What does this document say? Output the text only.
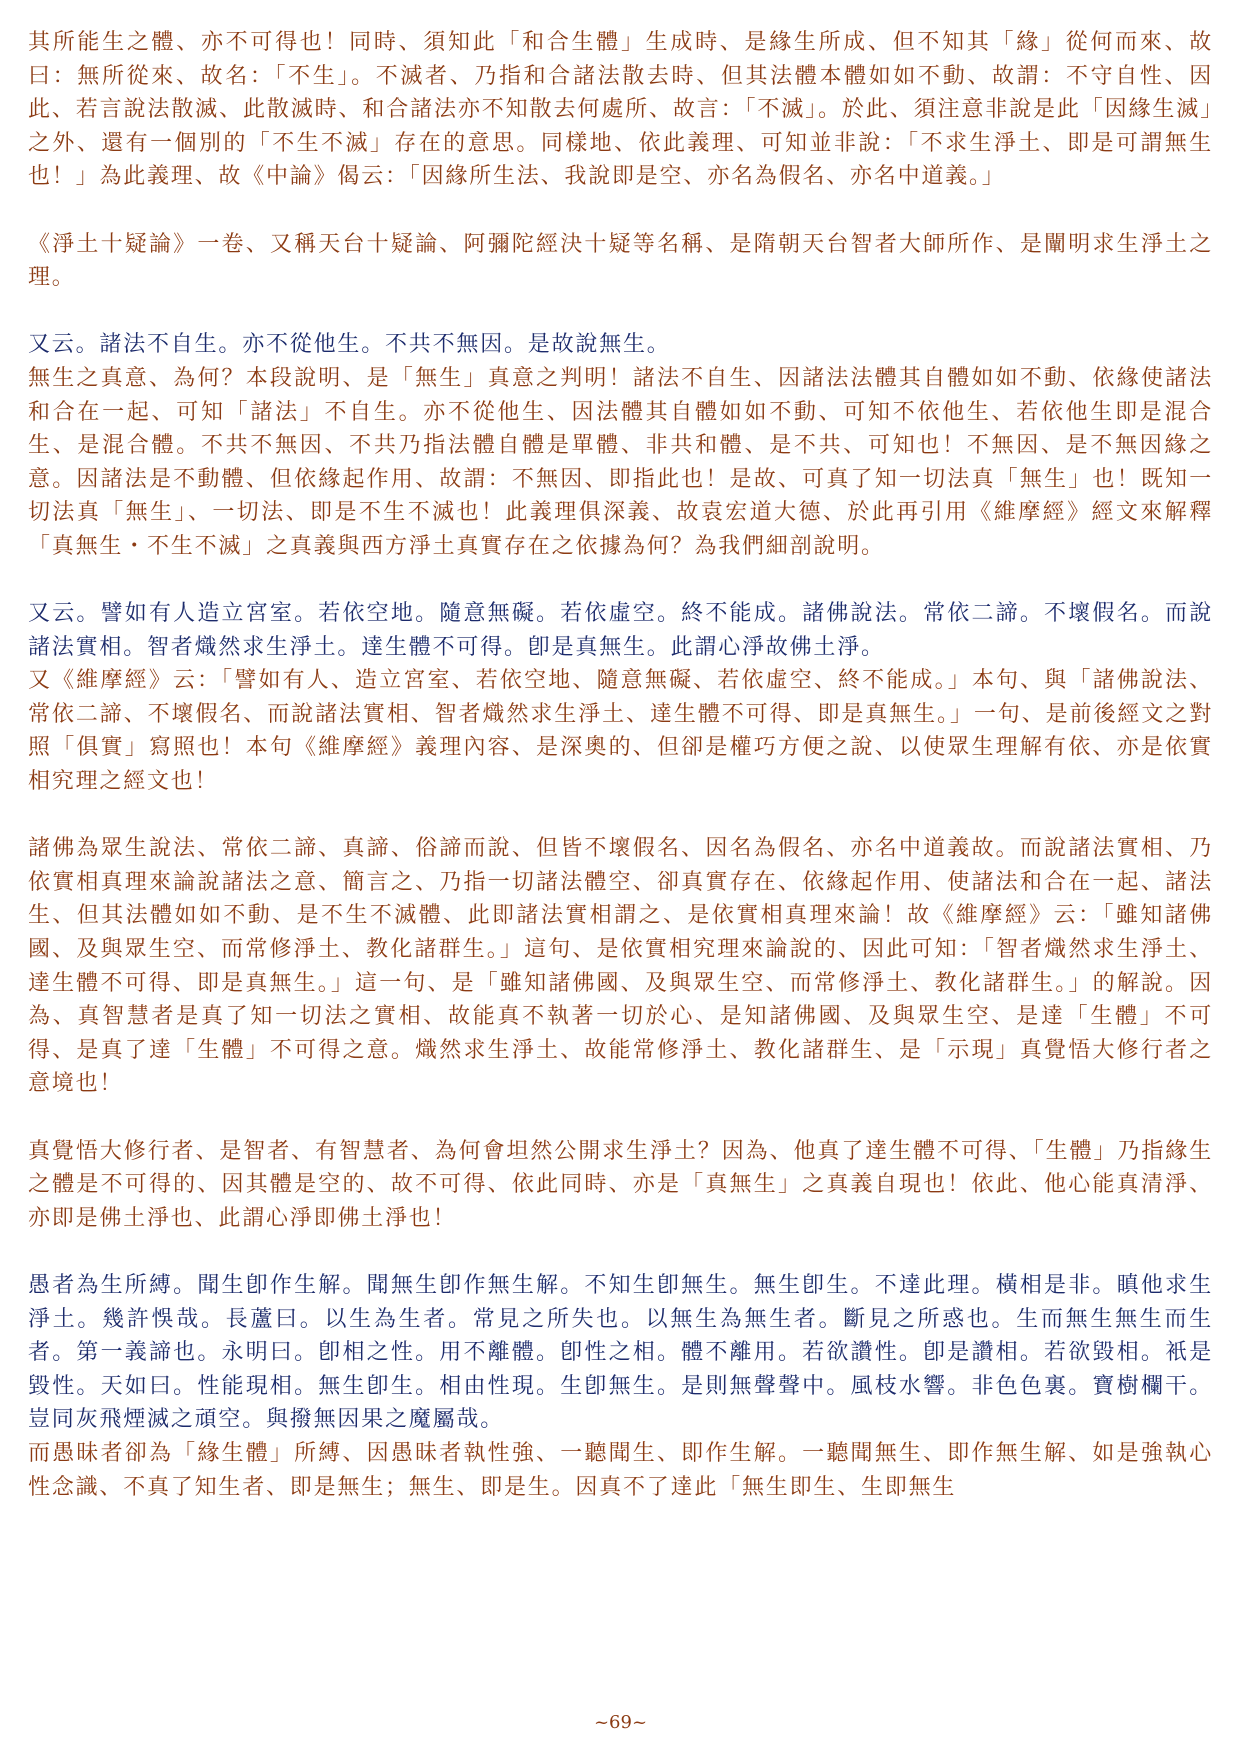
其所能生之體、亦不可得也！同時、須知此「和合生體」生成時、是緣生所成、但不知其「緣」從何而來、故曰：無所從來、故名：「不生」。不滅者、乃指和合諸法散去時、但其法體本體如如不動、故謂：不守自性、因此、若言說法散滅、此散滅時、和合諸法亦不知散去何處所、故言：「不滅」。於此、須注意非說是此「因緣生滅」之外、還有一個別的「不生不滅」存在的意思。同樣地、依此義理、可知並非說：「不求生淨土、即是可謂無生也！」為此義理、故《中論》偈云：「因緣所生法、我說即是空、亦名為假名、亦名中道義。」

《淨土十疑論》一卷、又稱天台十疑論、阿彌陀經決十疑等名稱、是隋朝天台智者大師所作、是闡明求生淨土之理。

又云。諸法不自生。亦不從他生。不共不無因。是故說無生。

無生之真意、為何？本段說明、是「無生」真意之判明！諸法不自生、因諸法法體其自體如如不動、依緣使諸法和合在一起、可知「諸法」不自生。亦不從他生、因法體其自體如如不動、可知不依他生、若依他生即是混合生、是混合體。不共不無因、不共乃指法體自體是單體、非共和體、是不共、可知也！不無因、是不無因緣之意。因諸法是不動體、但依緣起作用、故謂：不無因、即指此也！是故、可真了知一切法真「無生」也！既知一切法真「無生」、一切法、即是不生不滅也！此義理俱深義、故袁宏道大德、於此再引用《維摩經》經文來解釋「真無生・不生不滅」之真義與西方淨土真實存在之依據為何？為我們細剖說明。

又云。譬如有人造立宮室。若依空地。隨意無礙。若依虛空。終不能成。諸佛說法。常依二諦。不壞假名。而說諸法實相。智者熾然求生淨土。達生體不可得。卽是真無生。此謂心淨故佛土淨。

又《維摩經》云：「譬如有人、造立宮室、若依空地、隨意無礙、若依虛空、終不能成。」本句、與「諸佛說法、常依二諦、不壞假名、而說諸法實相、智者熾然求生淨土、達生體不可得、即是真無生。」一句、是前後經文之對照「俱實」寫照也！本句《維摩經》義理內容、是深奧的、但卻是權巧方便之說、以使眾生理解有依、亦是依實相究理之經文也！

諸佛為眾生說法、常依二諦、真諦、俗諦而說、但皆不壞假名、因名為假名、亦名中道義故。而說諸法實相、乃依實相真理來論說諸法之意、簡言之、乃指一切諸法體空、卻真實存在、依緣起作用、使諸法和合在一起、諸法生、但其法體如如不動、是不生不滅體、此即諸法實相謂之、是依實相真理來論！故《維摩經》云：「雖知諸佛國、及與眾生空、而常修淨土、教化諸群生。」這句、是依實相究理來論說的、因此可知：「智者熾然求生淨土、達生體不可得、即是真無生。」這一句、是「雖知諸佛國、及與眾生空、而常修淨土、教化諸群生。」的解說。因為、真智慧者是真了知一切法之實相、故能真不執著一切於心、是知諸佛國、及與眾生空、是達「生體」不可得、是真了達「生體」不可得之意。熾然求生淨土、故能常修淨土、教化諸群生、是「示現」真覺悟大修行者之意境也！

真覺悟大修行者、是智者、有智慧者、為何會坦然公開求生淨土？因為、他真了達生體不可得、「生體」乃指緣生之體是不可得的、因其體是空的、故不可得、依此同時、亦是「真無生」之真義自現也！依此、他心能真清淨、亦即是佛土淨也、此謂心淨即佛土淨也！

愚者為生所縛。聞生卽作生解。聞無生卽作無生解。不知生卽無生。無生卽生。不達此理。橫相是非。瞋他求生淨土。幾許悞哉。長蘆曰。以生為生者。常見之所失也。以無生為無生者。斷見之所惑也。生而無生無生而生者。第一義諦也。永明曰。卽相之性。用不離體。卽性之相。體不離用。若欲讚性。卽是讚相。若欲毀相。衹是毀性。天如曰。性能現相。無生卽生。相由性現。生卽無生。是則無聲聲中。風枝水響。非色色裏。寶樹欄干。豈同灰飛煙滅之頑空。與撥無因果之魔屬哉。

而愚昧者卻為「緣生體」所縛、因愚昧者執性強、一聽聞生、即作生解。一聽聞無生、即作無生解、如是強執心性念識、不真了知生者、即是無生；無生、即是生。因真不了達此「無生即生、生即無生

~69~
